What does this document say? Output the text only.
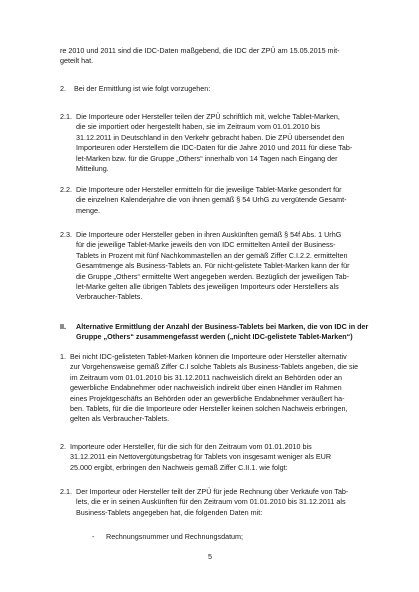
re 2010 und 2011 sind die IDC-Daten maßgebend, die IDC der ZPÜ am 15.05.2015 mit-

geteilt hat.

2. Bei der Ermittlung ist wie folgt vorzugehen:

2.1. Die Importeure oder Hersteller teilen der ZPÜ schriftlich mit, welche Tablet-Marken,

die sie importiert oder hergestellt haben, sie im Zeitraum vom 01.01.2010 bis

31.12.2011 in Deutschland in den Verkehr gebracht haben. Die ZPÜ übersendet den

Importeuren oder Herstellern die IDC-Daten für die Jahre 2010 und 2011 für diese Tab-

let-Marken bzw. für die Gruppe „Others“ innerhalb von 14 Tagen nach Eingang der

Mitteilung.

2.2. Die Importeure oder Hersteller ermitteln für die jeweilige Tablet-Marke gesondert für

die einzelnen Kalenderjahre die von ihnen gemäß § 54 UrhG zu vergütende Gesamt-

menge.

2.3. Die Importeure oder Hersteller geben in ihren Auskünften gemäß § 54f Abs. 1 UrhG

für die jeweilige Tablet-Marke jeweils den von IDC ermittelten Anteil der Business-

Tablets in Prozent mit fünf Nachkommastellen an der gemäß Ziffer C.I.2.2. ermittelten

Gesamtmenge als Business-Tablets an. Für nicht-gelistete Tablet-Marken kann der für

die Gruppe „Others“ ermittelte Wert angegeben werden. Bezüglich der jeweiligen Tab-

let-Marke gelten alle übrigen Tablets des jeweiligen Importeurs oder Herstellers als

Verbraucher-Tablets.

II. Alternative Ermittlung der Anzahl der Business-Tablets bei Marken, die von IDC in der

Gruppe „Others“ zusammengefasst werden („nicht IDC-gelistete Tablet-Marken“)

1. Bei nicht IDC-gelisteten Tablet-Marken können die Importeure oder Hersteller alternativ

zur Vorgehensweise gemäß Ziffer C.I solche Tablets als Business-Tablets angeben, die sie

im Zeitraum vom 01.01.2010 bis 31.12.2011 nachweislich direkt an Behörden oder an

gewerbliche Endabnehmer oder nachweislich indirekt über einen Händler im Rahmen

eines Projektgeschäfts an Behörden oder an gewerbliche Endabnehmer veräußert ha-

ben. Tablets, für die die Importeure oder Hersteller keinen solchen Nachweis erbringen,

gelten als Verbraucher-Tablets.

2. Importeure oder Hersteller, für die sich für den Zeitraum vom 01.01.2010 bis

31.12.2011 ein Nettovergütungsbetrag für Tablets von insgesamt weniger als EUR

25.000 ergibt, erbringen den Nachweis gemäß Ziffer C.II.1. wie folgt:

2.1. Der Importeur oder Hersteller teilt der ZPÜ für jede Rechnung über Verkäufe von Tab-

lets, die er in seinen Auskünften für den Zeitraum vom 01.01.2010 bis 31.12.2011 als

Business-Tablets angegeben hat, die folgenden Daten mit:

- Rechnungsnummer und Rechnungsdatum;

5
